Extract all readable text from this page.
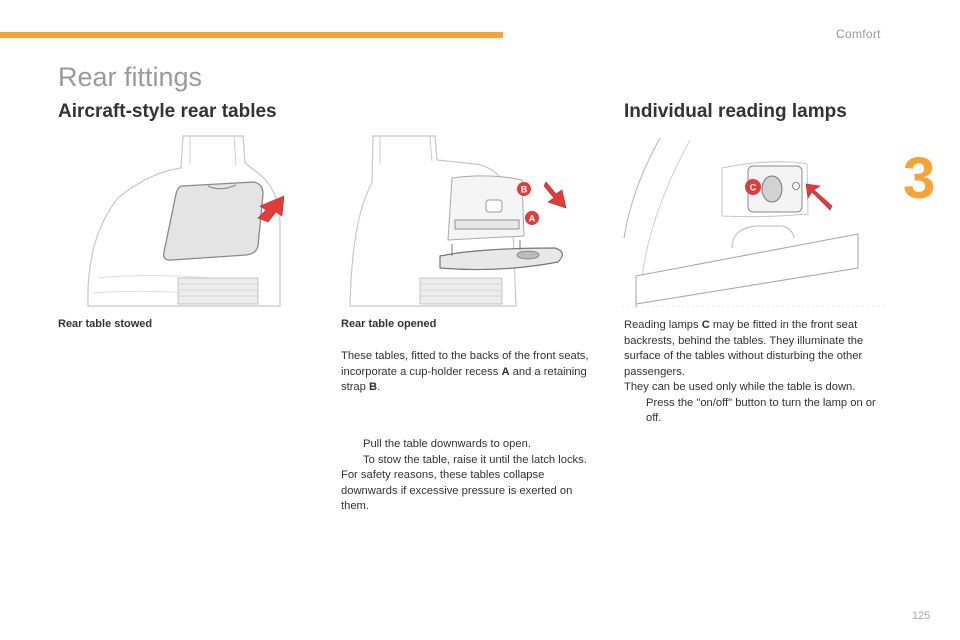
Comfort
3
Rear fittings
Aircraft-style rear tables	Individual reading lamps
A
B	C
Rear table stowed	Rear table opened
These tables, fitted to the backs of the front seats, incorporate a cup-holder recess A and a retaining strap B.
Pull the table downwards to open.
To stow the table, raise it until the latch locks.
For safety reasons, these tables collapse downwards if excessive pressure is exerted on them.
Reading lamps C may be fitted in the front seat backrests, behind the tables. They illuminate the surface of the tables without disturbing the other passengers.
They can be used only while the table is down.
Press the "on/off" button to turn the lamp on or off.
125
